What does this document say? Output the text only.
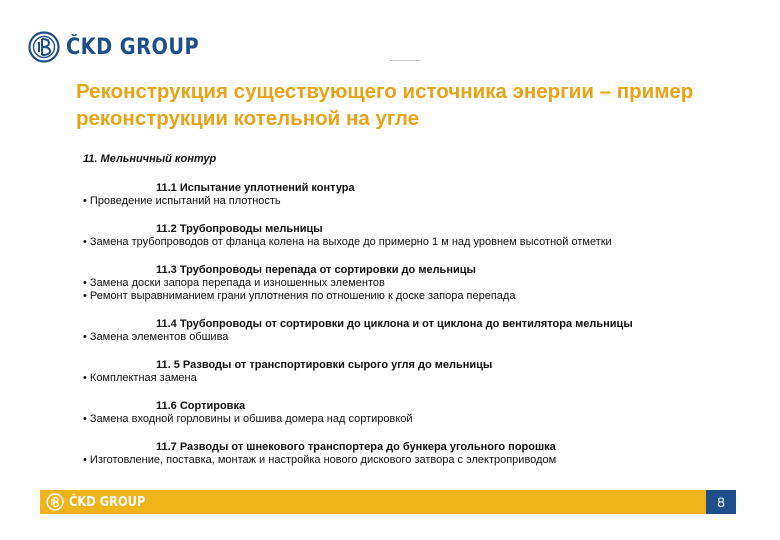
ČKD GROUP
Реконструкция существующего источника энергии – пример реконструкции котельной на угле
11. Мельничный контур
11.1 Испытание уплотнений контура
• Проведение испытаний на плотность
11.2 Трубопроводы мельницы
• Замена трубопроводов от фланца колена на выходе до примерно 1 м над уровнем высотной отметки
11.3 Трубопроводы перепада от сортировки до мельницы
• Замена доски запора перепада и изношенных элементов
• Ремонт выравниманием грани уплотнения по отношению к доске запора перепада
11.4 Трубопроводы от сортировки до циклона и от циклона до вентилятора мельницы
• Замена элементов обшива
11. 5 Разводы от транспортировки сырого угля до мельницы
• Комплектная замена
11.6 Сортировка
• Замена входной горловины и обшива домера над сортировкой
11.7 Разводы от шнекового транспортера до бункера угольного порошка
• Изготовление, поставка, монтаж и настройка нового дискового затвора с электроприводом
ČKD GROUP	8
